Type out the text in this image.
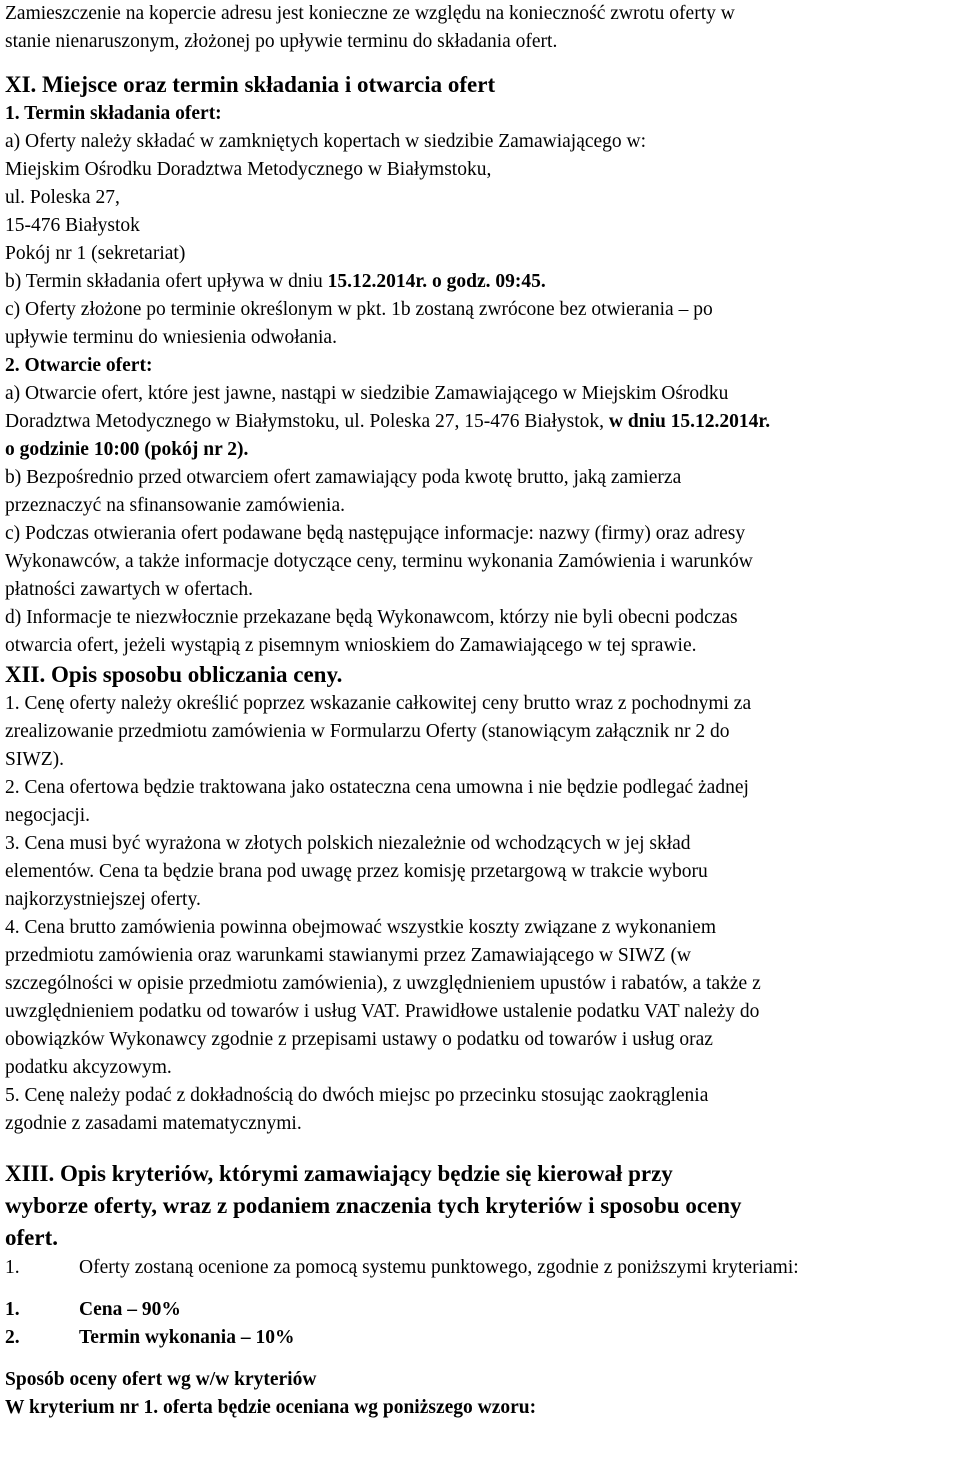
Zamieszczenie na kopercie adresu jest konieczne ze względu na konieczność zwrotu oferty w
stanie nienaruszonym, złożonej po upływie terminu do składania ofert.
XI. Miejsce oraz termin składania i otwarcia ofert
1. Termin składania ofert:
a) Oferty należy składać w zamkniętych kopertach w siedzibie Zamawiającego w:
Miejskim Ośrodku Doradztwa Metodycznego w Białymstoku,
ul. Poleska 27,
15-476 Białystok
Pokój nr 1 (sekretariat)
b) Termin składania ofert upływa w dniu 15.12.2014r. o godz. 09:45.
c) Oferty złożone po terminie określonym w pkt. 1b zostaną zwrócone bez otwierania – po
upływie terminu do wniesienia odwołania.
2. Otwarcie ofert:
a) Otwarcie ofert, które jest jawne, nastąpi w siedzibie Zamawiającego w Miejskim Ośrodku
Doradztwa Metodycznego w Białymstoku, ul. Poleska 27, 15-476 Białystok, w dniu 15.12.2014r.
o godzinie 10:00 (pokój nr 2).
b) Bezpośrednio przed otwarciem ofert zamawiający poda kwotę brutto, jaką zamierza
przeznaczyć na sfinansowanie zamówienia.
c) Podczas otwierania ofert podawane będą następujące informacje: nazwy (firmy) oraz adresy
Wykonawców, a także informacje dotyczące ceny, terminu wykonania Zamówienia i warunków
płatności zawartych w ofertach.
d) Informacje te niezwłocznie przekazane będą Wykonawcom, którzy nie byli obecni podczas
otwarcia ofert, jeżeli wystąpią z pisemnym wnioskiem do Zamawiającego w tej sprawie.
XII. Opis sposobu obliczania ceny.
1. Cenę oferty należy określić poprzez wskazanie całkowitej ceny brutto wraz z pochodnymi za
zrealizowanie przedmiotu zamówienia w Formularzu Oferty (stanowiącym załącznik nr 2 do
SIWZ).
2. Cena ofertowa będzie traktowana jako ostateczna cena umowna i nie będzie podlegać żadnej
negocjacji.
3. Cena musi być wyrażona w złotych polskich niezależnie od wchodzących w jej skład
elementów. Cena ta będzie brana pod uwagę przez komisję przetargową w trakcie wyboru
najkorzystniejszej oferty.
4. Cena brutto zamówienia powinna obejmować wszystkie koszty związane z wykonaniem
przedmiotu zamówienia oraz warunkami stawianymi przez Zamawiającego w SIWZ (w
szczególności w opisie przedmiotu zamówienia), z uwzględnieniem upustów i rabatów, a także z
uwzględnieniem podatku od towarów i usług VAT. Prawidłowe ustalenie podatku VAT należy do
obowiązków Wykonawcy zgodnie z przepisami ustawy o podatku od towarów i usług oraz
podatku akcyzowym.
5. Cenę należy podać z dokładnością do dwóch miejsc po przecinku stosując zaokrąglenia
zgodnie z zasadami matematycznymi.
XIII. Opis kryteriów, którymi zamawiający będzie się kierował przy
wyborze oferty, wraz z podaniem znaczenia tych kryteriów i sposobu oceny
ofert.
1.	Oferty zostaną ocenione za pomocą systemu punktowego, zgodnie z poniższymi kryteriami:
1.	Cena – 90%
2.	Termin wykonania – 10%
Sposób oceny ofert wg w/w kryteriów
W kryterium nr 1. oferta będzie oceniana wg poniższego wzoru:
